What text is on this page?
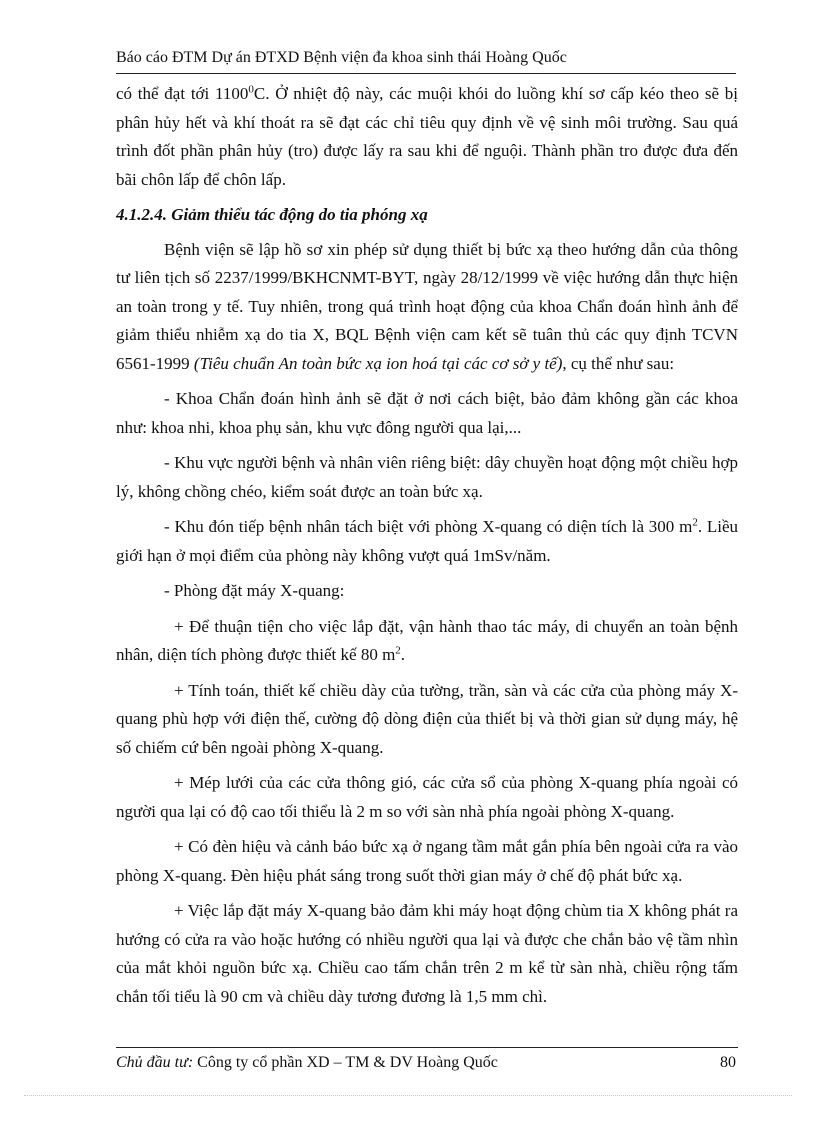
Báo cáo ĐTM Dự án ĐTXD Bệnh viện đa khoa sinh thái Hoàng Quốc

có thể đạt tới 1100$^0$C. Ở nhiệt độ này, các muội khói do luồng khí sơ cấp kéo theo sẽ bị phân hủy hết và khí thoát ra sẽ đạt các chỉ tiêu quy định về vệ sinh môi trường. Sau quá trình đốt phần phân hủy (tro) được lấy ra sau khi để nguội. Thành phần tro được đưa đến bãi chôn lấp để chôn lấp.

4.1.2.4. Giảm thiểu tác động do tia phóng xạ

Bệnh viện sẽ lập hồ sơ xin phép sử dụng thiết bị bức xạ theo hướng dẫn của thông tư liên tịch số 2237/1999/BKHCNMT-BYT, ngày 28/12/1999 về việc hướng dẫn thực hiện an toàn trong y tế. Tuy nhiên, trong quá trình hoạt động của khoa Chẩn đoán hình ảnh để giảm thiểu nhiễm xạ do tia X, BQL Bệnh viện cam kết sẽ tuân thủ các quy định TCVN 6561-1999 (Tiêu chuẩn An toàn bức xạ ion hoá tại các cơ sở y tế), cụ thể như sau:

- Khoa Chẩn đoán hình ảnh sẽ đặt ở nơi cách biệt, bảo đảm không gần các khoa như: khoa nhi, khoa phụ sản, khu vực đông người qua lại,...

- Khu vực người bệnh và nhân viên riêng biệt: dây chuyền hoạt động một chiều hợp lý, không chồng chéo, kiểm soát được an toàn bức xạ.

- Khu đón tiếp bệnh nhân tách biệt với phòng X-quang có diện tích là 300 $m^2$. Liều giới hạn ở mọi điểm của phòng này không vượt quá 1mSv/năm.

- Phòng đặt máy X-quang:

+ Để thuận tiện cho việc lắp đặt, vận hành thao tác máy, di chuyển an toàn bệnh nhân, diện tích phòng được thiết kế 80 $m^2$.

+ Tính toán, thiết kế chiều dày của tường, trần, sàn và các cửa của phòng máy X-quang phù hợp với điện thế, cường độ dòng điện của thiết bị và thời gian sử dụng máy, hệ số chiếm cứ bên ngoài phòng X-quang.

+ Mép lưới của các cửa thông gió, các cửa sổ của phòng X-quang phía ngoài có người qua lại có độ cao tối thiểu là 2 m so với sàn nhà phía ngoài phòng X-quang.

+ Có đèn hiệu và cảnh báo bức xạ ở ngang tầm mắt gắn phía bên ngoài cửa ra vào phòng X-quang. Đèn hiệu phát sáng trong suốt thời gian máy ở chế độ phát bức xạ.

+ Việc lắp đặt máy X-quang bảo đảm khi máy hoạt động chùm tia X không phát ra hướng có cửa ra vào hoặc hướng có nhiều người qua lại và được che chắn bảo vệ tầm nhìn của mắt khỏi nguồn bức xạ. Chiều cao tấm chắn trên 2 m kể từ sàn nhà, chiều rộng tấm chắn tối tiểu là 90 cm và chiều dày tương đương là 1,5 mm chì.

Chủ đầu tư: Công ty cổ phần XD – TM & DV Hoàng Quốc	80
